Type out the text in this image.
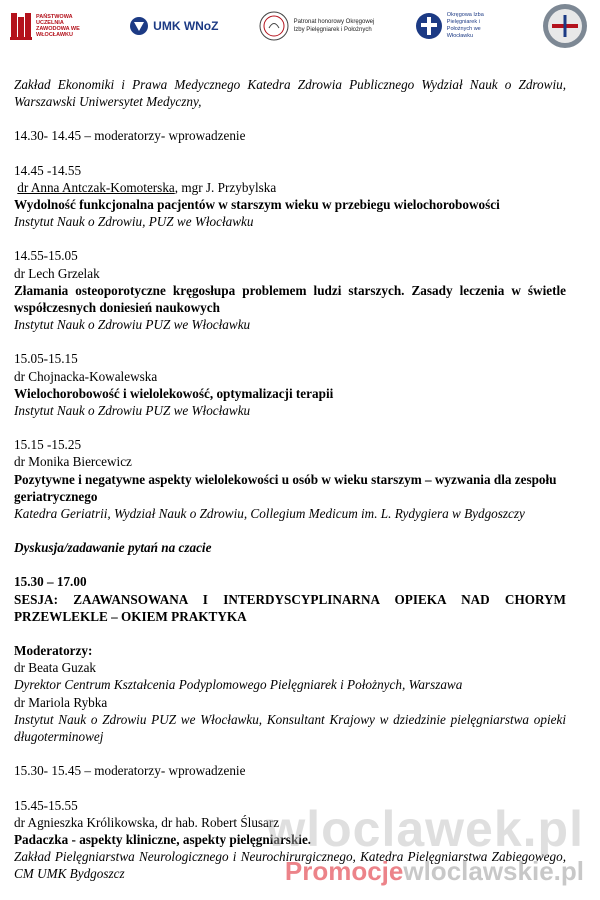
PAŃSTWOWA UCZELNIA ZAWODOWA WE WŁOCŁAWKU
UMK WNoZ	Patronat honorowy Okręgowej Izby Pielęgniarek i Położnych
Okręgowa Izba Pielęgniarek i Położnych we Włocławku

Zakład Ekonomiki i Prawa Medycznego Katedra Zdrowia Publicznego Wydział Nauk o Zdrowiu, Warszawski Uniwersytet Medyczny,

14.30- 14.45 – moderatorzy- wprowadzenie

14.45 -14.55

dr Anna Antczak-Komoterska, mgr J. Przybylska

Wydolność funkcjonalna pacjentów w starszym wieku w przebiegu wielochorobowości

Instytut Nauk o Zdrowiu, PUZ we Włocławku

14.55-15.05

dr Lech Grzelak

Złamania osteoporotyczne kręgosłupa problemem ludzi starszych. Zasady leczenia w świetle współczesnych doniesień naukowych

Instytut Nauk o Zdrowiu PUZ we Włocławku

15.05-15.15

dr Chojnacka-Kowalewska

Wielochorobowość i wielolekowość, optymalizacji terapii

Instytut Nauk o Zdrowiu PUZ we Włocławku

15.15 -15.25

dr Monika Biercewicz

Pozytywne i negatywne aspekty wielolekowości u osób w wieku starszym – wyzwania dla zespołu geriatrycznego

Katedra Geriatrii, Wydział Nauk o Zdrowiu, Collegium Medicum im. L. Rydygiera w Bydgoszczy

Dyskusja/zadawanie pytań na czacie

15.30 – 17.00

SESJA: ZAAWANSOWANA I INTERDYSCYPLINARNA OPIEKA NAD CHORYM PRZEWLEKLE – OKIEM PRAKTYKA

Moderatorzy:

dr Beata Guzak

Dyrektor Centrum Kształcenia Podyplomowego Pielęgniarek i Położnych, Warszawa

dr Mariola Rybka

Instytut Nauk o Zdrowiu PUZ we Włocławku, Konsultant Krajowy w dziedzinie pielęgniarstwa opieki długoterminowej

15.30- 15.45 – moderatorzy- wprowadzenie

15.45-15.55

dr Agnieszka Królikowska, dr hab. Robert Ślusarz

Padaczka - aspekty kliniczne, aspekty pielęgniarskie.

Zakład Pielęgniarstwa Neurologicznego i Neurochirurgicznego, Katedra Pielęgniarstwa Zabiegowego, CM UMK Bydgoszcz

wloclawek.pl
Promocjewloclawskie.pl
